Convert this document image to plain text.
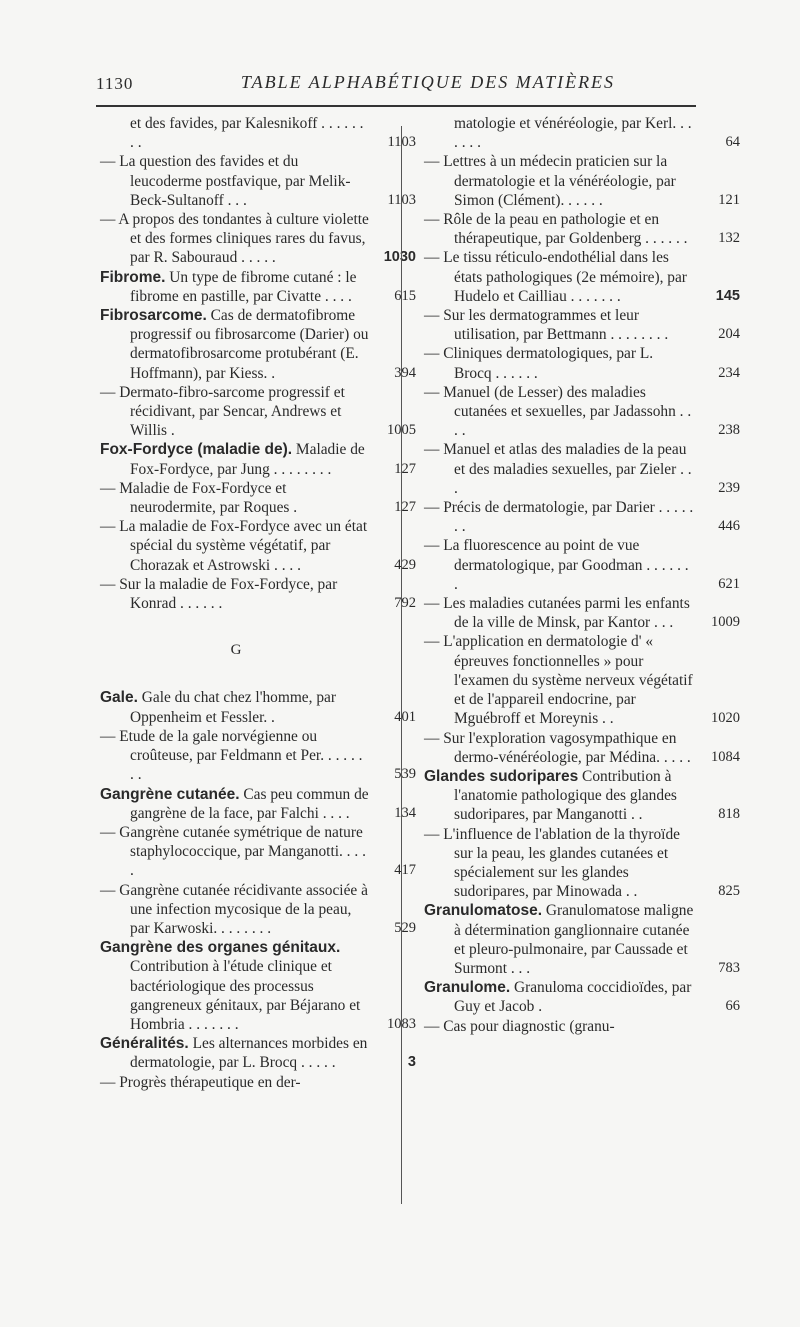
1130	TABLE ALPHABÉTIQUE DES MATIÈRES
et des favides, par Kalesnikoff . . . . . . . .	1103
— La question des favides et du leucoderme postfavique, par Melik-Beck-Sultanoff . . .	1103
— A propos des tondantes à culture violette et des formes cliniques rares du favus, par R. Sabouraud . . . . .	1030
Fibrome. Un type de fibrome cutané : le fibrome en pastille, par Civatte . . . .	615
Fibrosarcome. Cas de dermatofibrome progressif ou fibrosarcome (Darier) ou dermatofibrosarcome protubérant (E. Hoffmann), par Kiess. .	394
— Dermato-fibro-sarcome progressif et récidivant, par Sencar, Andrews et Willis .	1005
Fox-Fordyce (maladie de). Maladie de Fox-Fordyce, par Jung . . . . . . . .	127
— Maladie de Fox-Fordyce et neurodermite, par Roques .	127
— La maladie de Fox-Fordyce avec un état spécial du système végétatif, par Chorazak et Astrowski . . . .	429
— Sur la maladie de Fox-Fordyce, par Konrad . . . . . .	792
G
Gale. Gale du chat chez l'homme, par Oppenheim et Fessler. .	401
— Etude de la gale norvégienne ou croûteuse, par Feldmann et Per. . . . . . . .	539
Gangrène cutanée. Cas peu commun de gangrène de la face, par Falchi . . . .	134
— Gangrène cutanée symétrique de nature staphylococcique, par Manganotti. . . . .	417
— Gangrène cutanée récidivante associée à une infection mycosique de la peau, par Karwoski. . . . . . . .	529
Gangrène des organes génitaux. Contribution à l'étude clinique et bactériologique des processus gangreneux génitaux, par Béjarano et Hombria . . . . . . .	1083
Généralités. Les alternances morbides en dermatologie, par L. Brocq . . . . .	3
— Progrès thérapeutique en der-
matologie et vénéréologie, par Kerl. . . . . . .	64
— Lettres à un médecin praticien sur la dermatologie et la vénéréologie, par Simon (Clément). . . . . .	121
— Rôle de la peau en pathologie et en thérapeutique, par Goldenberg . . . . . .	132
— Le tissu réticulo-endothélial dans les états pathologiques (2e mémoire), par Hudelo et Cailliau . . . . . . .	145
— Sur les dermatogrammes et leur utilisation, par Bettmann . . . . . . . .	204
— Cliniques dermatologiques, par L. Brocq . . . . . .	234
— Manuel (de Lesser) des maladies cutanées et sexuelles, par Jadassohn . . . .	238
— Manuel et atlas des maladies de la peau et des maladies sexuelles, par Zieler . . .	239
— Précis de dermatologie, par Darier . . . . . . .	446
— La fluorescence au point de vue dermatologique, par Goodman . . . . . . .	621
— Les maladies cutanées parmi les enfants de la ville de Minsk, par Kantor . . .	1009
— L'application en dermatologie d' « épreuves fonctionnelles » pour l'examen du système nerveux végétatif et de l'appareil endocrine, par Mguébroff et Moreynis . .	1020
— Sur l'exploration vagosympathique en dermo-vénéréologie, par Médina. . . . .	1084
Glandes sudoripares Contribution à l'anatomie pathologique des glandes sudoripares, par Manganotti . .	818
— L'influence de l'ablation de la thyroïde sur la peau, les glandes cutanées et spécialement sur les glandes sudoripares, par Minowada . .	825
Granulomatose. Granulomatose maligne à détermination ganglionnaire cutanée et pleuro-pulmonaire, par Caussade et Surmont . . .	783
Granulome. Granuloma coccidioïdes, par Guy et Jacob .	66
— Cas pour diagnostic (granu-
